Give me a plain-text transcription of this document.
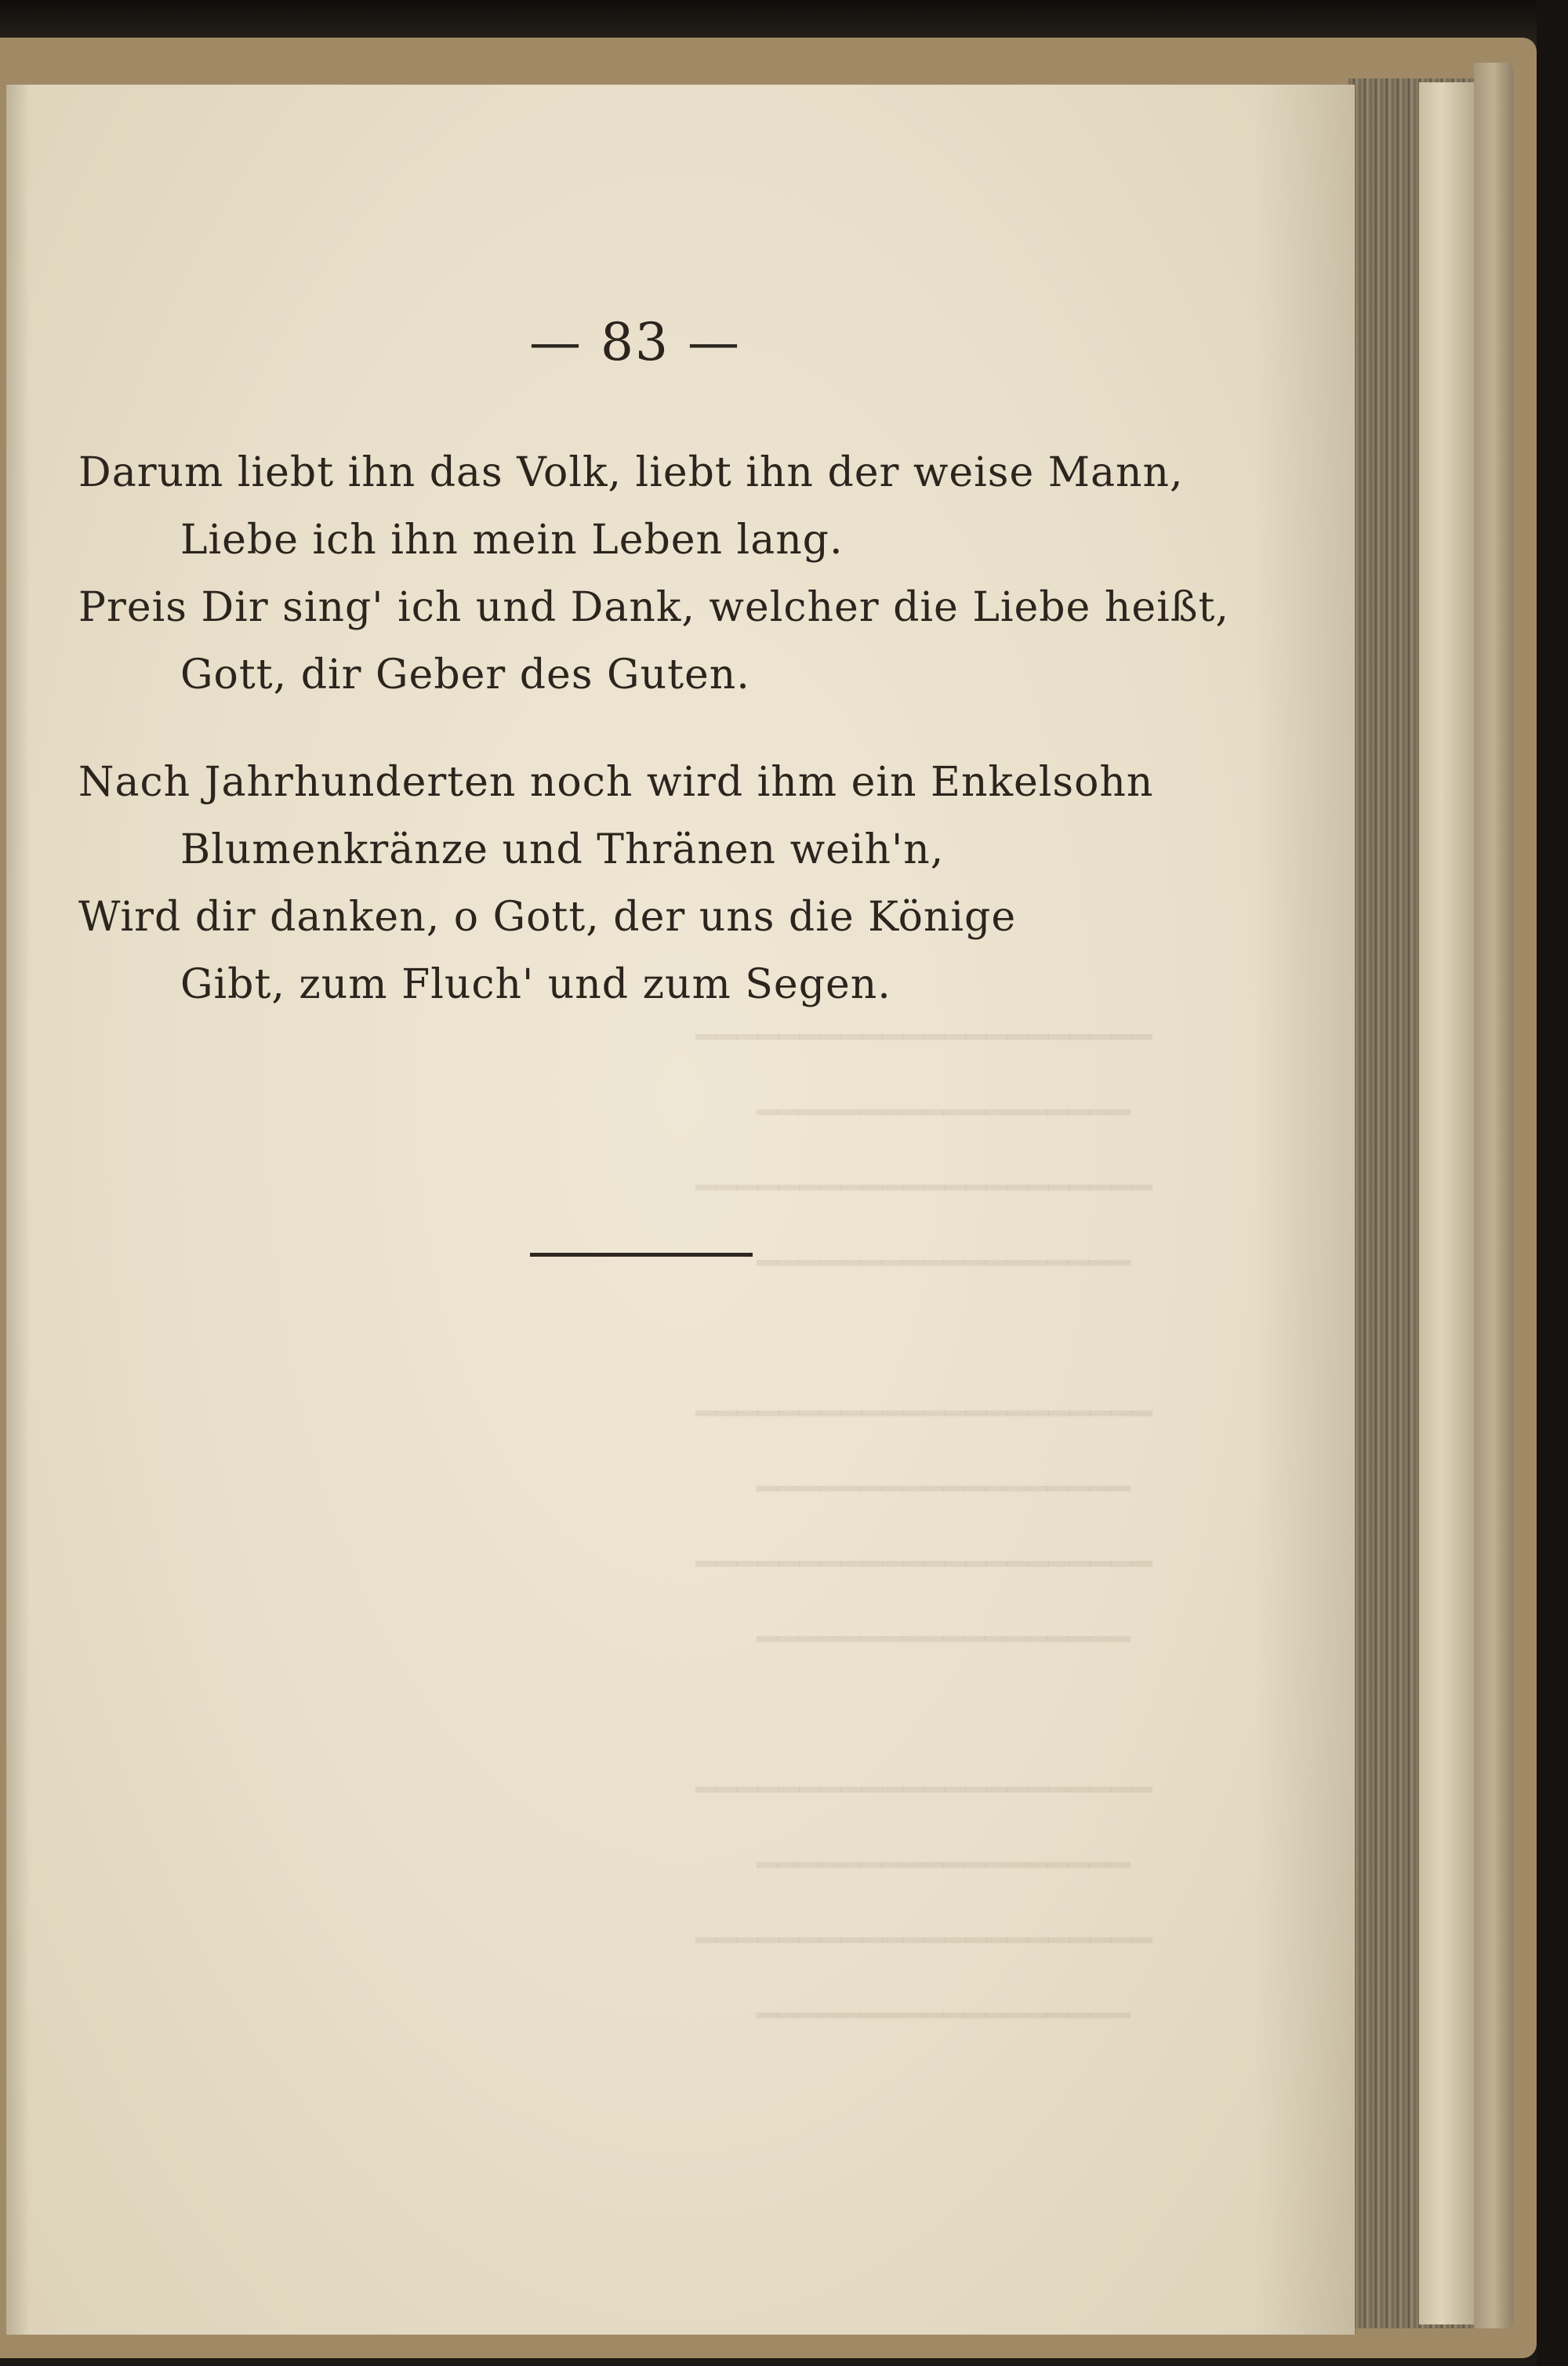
━━━━━━━━━━━━━━━━━━━━━━
━━━━━━━━━━━━━━━━━━
━━━━━━━━━━━━━━━━━━━━━━
━━━━━━━━━━━━━━━━━━

━━━━━━━━━━━━━━━━━━━━━━
━━━━━━━━━━━━━━━━━━
━━━━━━━━━━━━━━━━━━━━━━
━━━━━━━━━━━━━━━━━━

━━━━━━━━━━━━━━━━━━━━━━
━━━━━━━━━━━━━━━━━━
━━━━━━━━━━━━━━━━━━━━━━
━━━━━━━━━━━━━━━━━━

— 83 —
Darum liebt ihn das Volk, liebt ihn der weise Mann,
Liebe ich ihn mein Leben lang.
Preis Dir sing' ich und Dank, welcher die Liebe heißt,
Gott, dir Geber des Guten.
Nach Jahrhunderten noch wird ihm ein Enkelsohn
Blumenkränze und Thränen weih'n,
Wird dir danken, o Gott, der uns die Könige
Gibt, zum Fluch' und zum Segen.
